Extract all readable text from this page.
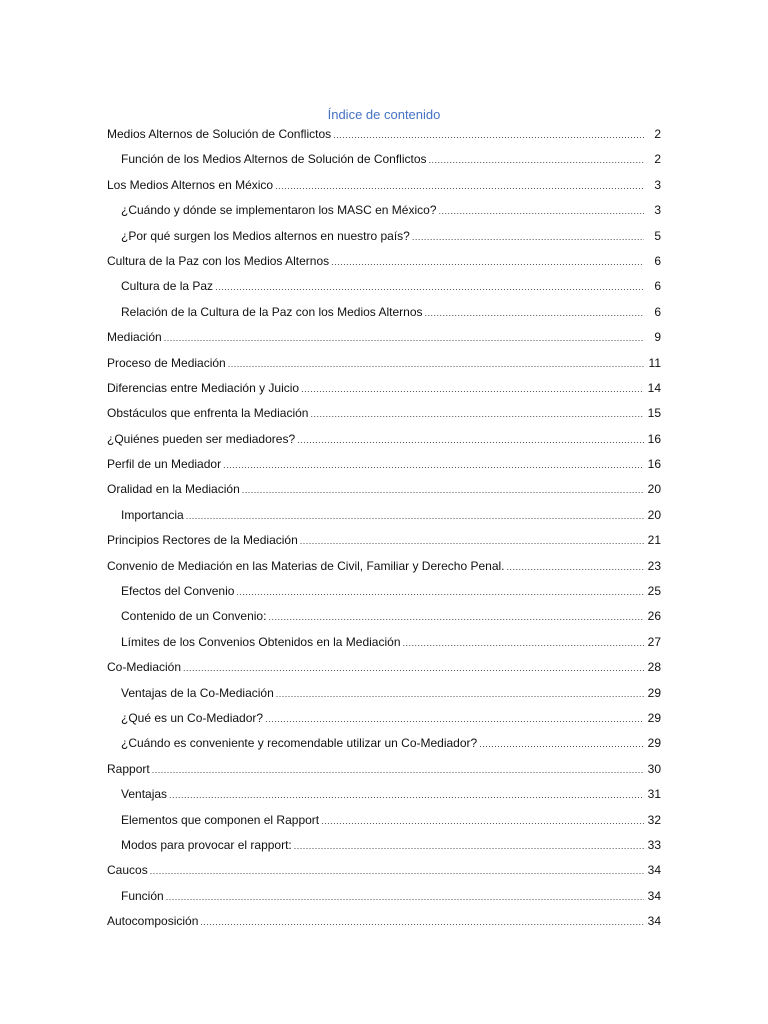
Índice de contenido
Medios Alternos de Solución de Conflictos .....	2
Función de los Medios Alternos de Solución de Conflictos .....	2
Los Medios Alternos en México .....	3
¿Cuándo y dónde se implementaron los MASC en México? .....	3
¿Por qué surgen los Medios alternos en nuestro país? .....	5
Cultura de la Paz con los Medios Alternos .....	6
Cultura de la Paz .....	6
Relación de la Cultura de la Paz con los Medios Alternos .....	6
Mediación .....	9
Proceso de Mediación .....	11
Diferencias entre Mediación y Juicio .....	14
Obstáculos que enfrenta la Mediación .....	15
¿Quiénes pueden ser mediadores? .....	16
Perfil de un Mediador .....	16
Oralidad en la Mediación .....	20
Importancia .....	20
Principios Rectores de la Mediación .....	21
Convenio de Mediación en las Materias de Civil, Familiar y Derecho Penal. .....	23
Efectos del Convenio .....	25
Contenido de un Convenio: .....	26
Límites de los Convenios Obtenidos en la Mediación .....	27
Co-Mediación .....	28
Ventajas de la Co-Mediación .....	29
¿Qué es un Co-Mediador? .....	29
¿Cuándo es conveniente y recomendable utilizar un Co-Mediador? .....	29
Rapport .....	30
Ventajas .....	31
Elementos que componen el Rapport .....	32
Modos para provocar el rapport: .....	33
Caucos .....	34
Función .....	34
Autocomposición .....	34
